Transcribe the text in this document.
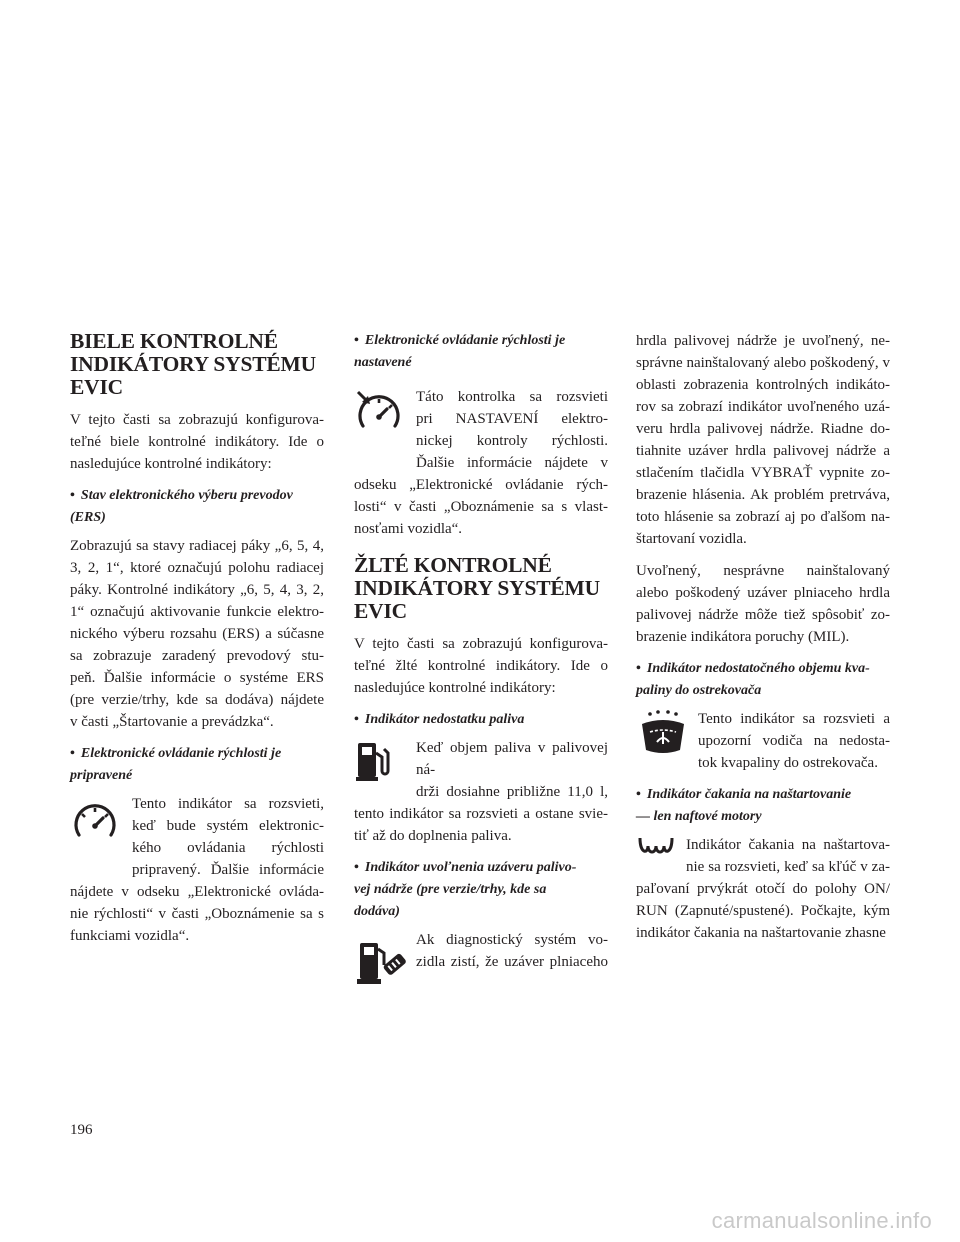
BIELE KONTROLNÉ
INDIKÁTORY SYSTÉMU
EVIC
V tejto časti sa zobrazujú konfigurova-
teľné biele kontrolné indikátory. Ide o
nasledujúce kontrolné indikátory:
• Stav elektronického výberu prevodov
(ERS)
Zobrazujú sa stavy radiacej páky „6, 5, 4,
3, 2, 1“, ktoré označujú polohu radiacej
páky. Kontrolné indikátory „6, 5, 4, 3, 2,
1“ označujú aktivovanie funkcie elektro-
nického výberu rozsahu (ERS) a súčasne
sa zobrazuje zaradený prevodový stu-
peň. Ďalšie informácie o systéme ERS
(pre verzie/trhy, kde sa dodáva) nájdete
v časti „Štartovanie a prevádzka“.
• Elektronické ovládanie rýchlosti je
pripravené
Tento indikátor sa rozsvieti,
keď bude systém elektronic-
kého ovládania rýchlosti
pripravený. Ďalšie informácie
nájdete v odseku „Elektronické ovláda-
nie rýchlosti“ v časti „Oboznámenie sa s
funkciami vozidla“.
• Elektronické ovládanie rýchlosti je
nastavené
Táto kontrolka sa rozsvieti
pri NASTAVENÍ elektro-
nickej kontroly rýchlosti.
Ďalšie informácie nájdete v
odseku „Elektronické ovládanie rých-
losti“ v časti „Oboznámenie sa s vlast-
nosťami vozidla“.
ŽLTÉ KONTROLNÉ
INDIKÁTORY SYSTÉMU
EVIC
V tejto časti sa zobrazujú konfigurova-
teľné žlté kontrolné indikátory. Ide o
nasledujúce kontrolné indikátory:
• Indikátor nedostatku paliva
Keď objem paliva v palivovej ná-
drži dosiahne približne 11,0 l,
tento indikátor sa rozsvieti a ostane svie-
tiť až do doplnenia paliva.
• Indikátor uvoľnenia uzáveru palivo-
vej nádrže (pre verzie/trhy, kde sa
dodáva)
Ak diagnostický systém vo-
zidla zistí, že uzáver plniaceho
hrdla palivovej nádrže je uvoľnený, ne-
správne nainštalovaný alebo poškodený, v
oblasti zobrazenia kontrolných indikáto-
rov sa zobrazí indikátor uvoľneného uzá-
veru hrdla palivovej nádrže. Riadne do-
tiahnite uzáver hrdla palivovej nádrže a
stlačením tlačidla VYBRAŤ vypnite zo-
brazenie hlásenia. Ak problém pretrváva,
toto hlásenie sa zobrazí aj po ďalšom na-
štartovaní vozidla.
Uvoľnený, nesprávne nainštalovaný
alebo poškodený uzáver plniaceho hrdla
palivovej nádrže môže tiež spôsobiť zo-
brazenie indikátora poruchy (MIL).
• Indikátor nedostatočného objemu kva-
paliny do ostrekovača
Tento indikátor sa rozsvieti a
upozorní vodiča na nedosta-
tok kvapaliny do ostrekovača.
• Indikátor čakania na naštartovanie
— len naftové motory
Indikátor čakania na naštartova-
nie sa rozsvieti, keď sa kľúč v za-
paľovaní prvýkrát otočí do polohy ON/
RUN (Zapnuté/spustené). Počkajte, kým
indikátor čakania na naštartovanie zhasne
196
carmanualsonline.info
